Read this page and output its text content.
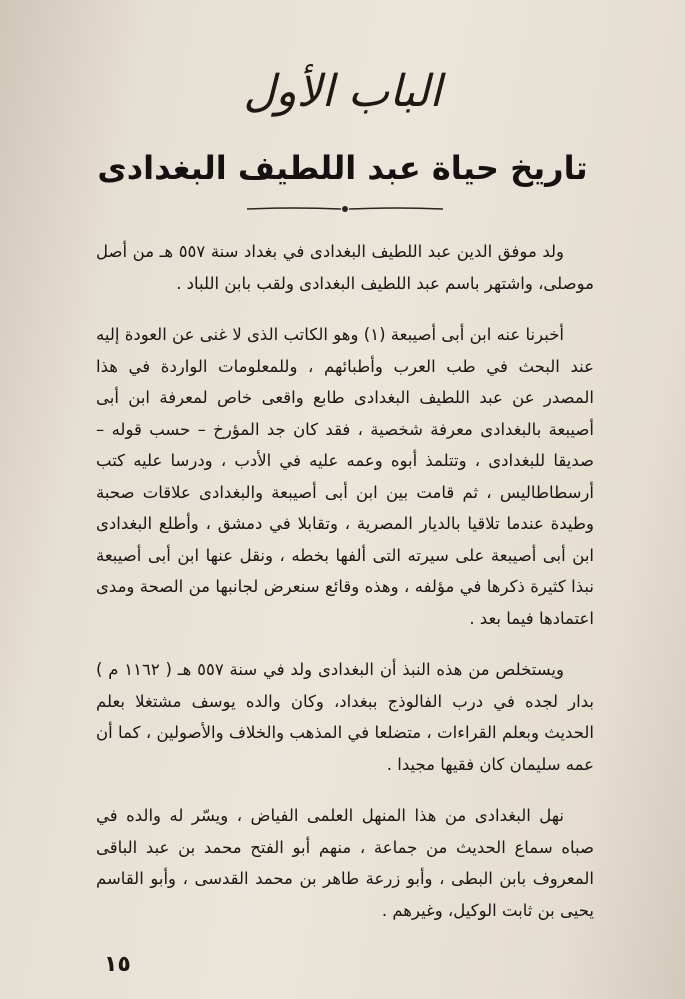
الباب الأول
تاريخ حياة عبد اللطيف البغدادى

ولد موفق الدين عبد اللطيف البغدادى في بغداد سنة ٥٥٧ هـ من أصل موصلى، واشتهر باسم عبد اللطيف البغدادى ولقب بابن اللباد .

أخبرنا عنه ابن أبى أصيبعة (١) وهو الكاتب الذى لا غنى عن العودة إليه عند البحث في طب العرب وأطبائهم ، وللمعلومات الواردة في هذا المصدر عن عبد اللطيف البغدادى طابع واقعى خاص لمعرفة ابن أبى أصيبعة بالبغدادى معرفة شخصية ، فقد كان جد المؤرخ – حسب قوله – صديقا للبغدادى ، وتتلمذ أبوه وعمه عليه في الأدب ، ودرسا عليه كتب أرسطاطاليس ، ثم قامت بين ابن أبى أصيبعة والبغدادى علاقات صحبة وطيدة عندما تلاقيا بالديار المصرية ، وتقابلا في دمشق ، وأطلع البغدادى ابن أبى أصيبعة على سيرته التى ألفها بخطه ، ونقل عنها ابن أبى أصيبعة نبذا كثيرة ذكرها في مؤلفه ، وهذه وقائع سنعرض لجانبها من الصحة ومدى اعتمادها فيما بعد .

ويستخلص من هذه النبذ أن البغدادى ولد في سنة ٥٥٧ هـ ( ١١٦٢ م ) بدار لجده في درب الفالوذج ببغداد، وكان والده يوسف مشتغلا بعلم الحديث وبعلم القراءات ، متضلعا في المذهب والخلاف والأصولين ، كما أن عمه سليمان كان فقيها مجيدا .

نهل البغدادى من هذا المنهل العلمى الفياض ، ويسّر له والده في صباه سماع الحديث من جماعة ، منهم أبو الفتح محمد بن عبد الباقى المعروف بابن البطى ، وأبو زرعة طاهر بن محمد القدسى ، وأبو القاسم يحيى بن ثابت الوكيل، وغيرهم .

١٥
